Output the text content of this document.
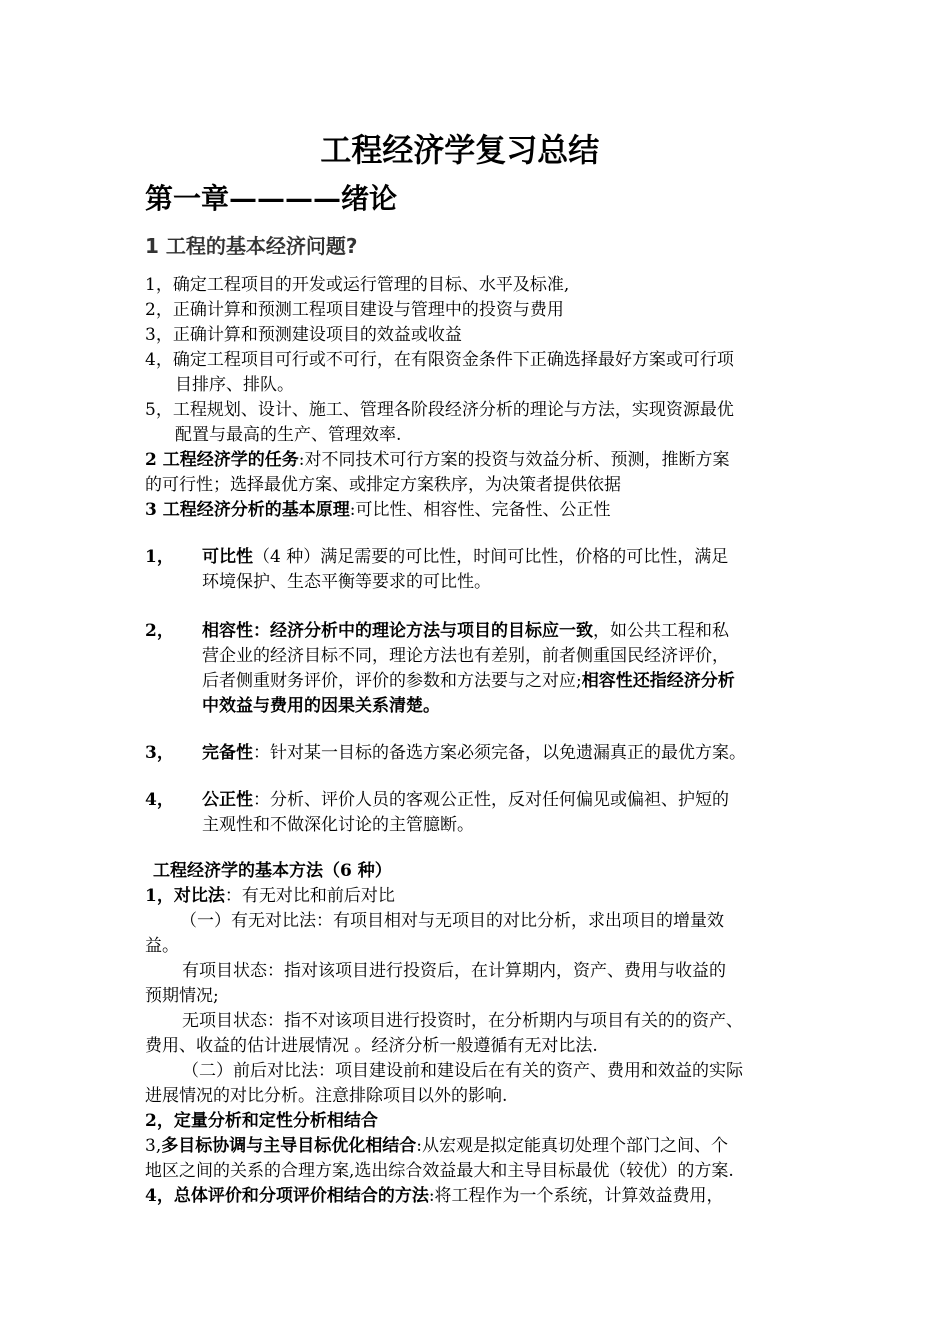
工程经济学复习总结
第一章————绪论
1 工程的基本经济问题?
1，确定工程项目的开发或运行管理的目标、水平及标准,
2，正确计算和预测工程项目建设与管理中的投资与费用
3，正确计算和预测建设项目的效益或收益
4，确定工程项目可行或不可行，在有限资金条件下正确选择最好方案或可行项
目排序、排队。
5，工程规划、设计、施工、管理各阶段经济分析的理论与方法，实现资源最优
配置与最高的生产、管理效率.
2 工程经济学的任务:对不同技术可行方案的投资与效益分析、预测，推断方案
的可行性；选择最优方案、或排定方案秩序，为决策者提供依据
3 工程经济分析的基本原理:可比性、相容性、完备性、公正性
1， 可比性（4 种）满足需要的可比性，时间可比性，价格的可比性，满足
环境保护、生态平衡等要求的可比性。
2， 相容性：经济分析中的理论方法与项目的目标应一致，如公共工程和私
营企业的经济目标不同，理论方法也有差别，前者侧重国民经济评价，
后者侧重财务评价，评价的参数和方法要与之对应;相容性还指经济分析
中效益与费用的因果关系清楚。
3， 完备性：针对某一目标的备选方案必须完备，以免遗漏真正的最优方案。
4， 公正性：分析、评价人员的客观公正性，反对任何偏见或偏袒、护短的
主观性和不做深化讨论的主管臆断。
工程经济学的基本方法（6 种）
1，对比法：有无对比和前后对比
（一）有无对比法：有项目相对与无项目的对比分析，求出项目的增量效
益。
有项目状态：指对该项目进行投资后，在计算期内，资产、费用与收益的
预期情况;
无项目状态：指不对该项目进行投资时，在分析期内与项目有关的的资产、
费用、收益的估计进展情况 。经济分析一般遵循有无对比法.
（二）前后对比法：项目建设前和建设后在有关的资产、费用和效益的实际
进展情况的对比分析。注意排除项目以外的影响.
2，定量分析和定性分析相结合
3,多目标协调与主导目标优化相结合:从宏观是拟定能真切处理个部门之间、个
地区之间的关系的合理方案,选出综合效益最大和主导目标最优（较优）的方案.
4，总体评价和分项评价相结合的方法:将工程作为一个系统，计算效益费用，
